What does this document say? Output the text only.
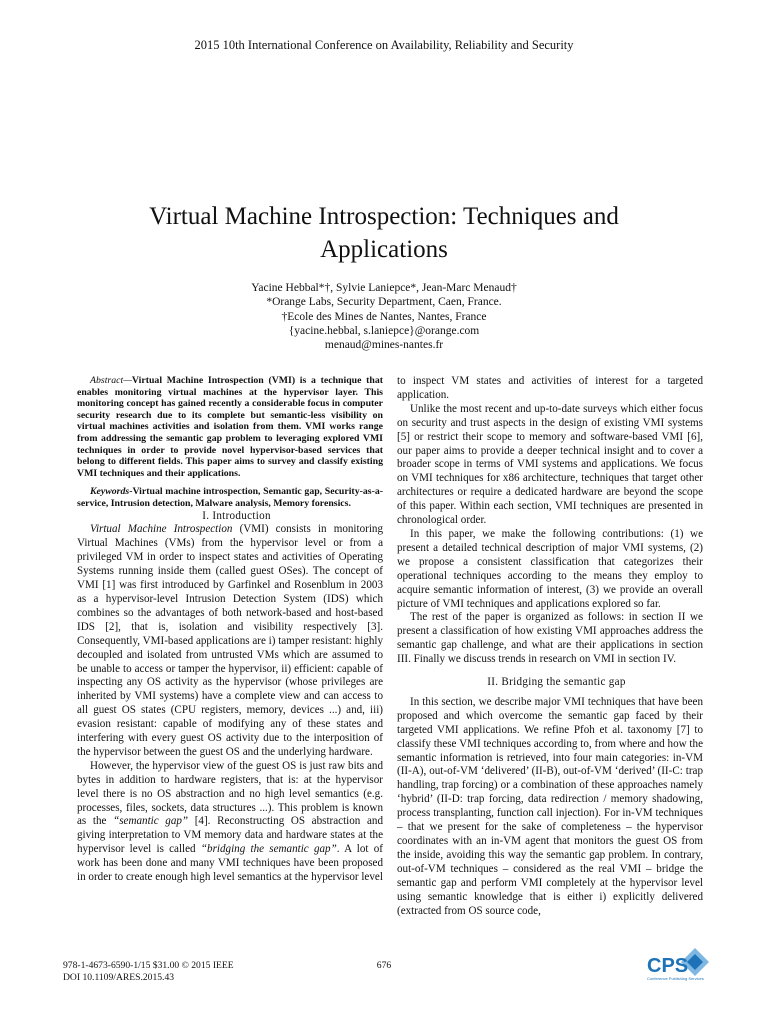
2015 10th International Conference on Availability, Reliability and Security
Virtual Machine Introspection: Techniques and
Applications
Yacine Hebbal*†, Sylvie Laniepce*, Jean-Marc Menaud†
*Orange Labs, Security Department, Caen, France.
†Ecole des Mines de Nantes, Nantes, France
{yacine.hebbal, s.laniepce}@orange.com
menaud@mines-nantes.fr

Abstract—Virtual Machine Introspection (VMI) is a technique that enables monitoring virtual machines at the hypervisor layer. This monitoring concept has gained recently a considerable focus in computer security research due to its complete but semantic-less visibility on virtual machines activities and isolation from them. VMI works range from addressing the semantic gap problem to leveraging explored VMI techniques in order to provide novel hypervisor-based services that belong to different fields. This paper aims to survey and classify existing VMI techniques and their applications.

Keywords-Virtual machine introspection, Semantic gap, Security-as-a-service, Intrusion detection, Malware analysis, Memory forensics.

I. Introduction

Virtual Machine Introspection (VMI) consists in monitoring Virtual Machines (VMs) from the hypervisor level or from a privileged VM in order to inspect states and activities of Operating Systems running inside them (called guest OSes). The concept of VMI [1] was first introduced by Garfinkel and Rosenblum in 2003 as a hypervisor-level Intrusion Detection System (IDS) which combines so the advantages of both network-based and host-based IDS [2], that is, isolation and visibility respectively [3]. Consequently, VMI-based applications are i) tamper resistant: highly decoupled and isolated from untrusted VMs which are assumed to be unable to access or tamper the hypervisor, ii) efficient: capable of inspecting any OS activity as the hypervisor (whose privileges are inherited by VMI systems) have a complete view and can access to all guest OS states (CPU registers, memory, devices ...) and, iii) evasion resistant: capable of modifying any of these states and interfering with every guest OS activity due to the interposition of the hypervisor between the guest OS and the underlying hardware.

However, the hypervisor view of the guest OS is just raw bits and bytes in addition to hardware registers, that is: at the hypervisor level there is no OS abstraction and no high level semantics (e.g. processes, files, sockets, data structures ...). This problem is known as the “semantic gap” [4]. Reconstructing OS abstraction and giving interpretation to VM memory data and hardware states at the hypervisor level is called “bridging the semantic gap”. A lot of work has been done and many VMI techniques have been proposed in order to create enough high level semantics at the hypervisor level

to inspect VM states and activities of interest for a targeted application.

Unlike the most recent and up-to-date surveys which either focus on security and trust aspects in the design of existing VMI systems [5] or restrict their scope to memory and software-based VMI [6], our paper aims to provide a deeper technical insight and to cover a broader scope in terms of VMI systems and applications. We focus on VMI techniques for x86 architecture, techniques that target other architectures or require a dedicated hardware are beyond the scope of this paper. Within each section, VMI techniques are presented in chronological order.

In this paper, we make the following contributions: (1) we present a detailed technical description of major VMI systems, (2) we propose a consistent classification that categorizes their operational techniques according to the means they employ to acquire semantic information of interest, (3) we provide an overall picture of VMI techniques and applications explored so far.

The rest of the paper is organized as follows: in section II we present a classification of how existing VMI approaches address the semantic gap challenge, and what are their applications in section III. Finally we discuss trends in research on VMI in section IV.

II. Bridging the semantic gap

In this section, we describe major VMI techniques that have been proposed and which overcome the semantic gap faced by their targeted VMI applications. We refine Pfoh et al. taxonomy [7] to classify these VMI techniques according to, from where and how the semantic information is retrieved, into four main categories: in-VM (II-A), out-of-VM ‘delivered’ (II-B), out-of-VM ‘derived’ (II-C: trap handling, trap forcing) or a combination of these approaches namely ‘hybrid’ (II-D: trap forcing, data redirection / memory shadowing, process transplanting, function call injection). For in-VM techniques – that we present for the sake of completeness – the hypervisor coordinates with an in-VM agent that monitors the guest OS from the inside, avoiding this way the semantic gap problem. In contrary, out-of-VM techniques – considered as the real VMI – bridge the semantic gap and perform VMI completely at the hypervisor level using semantic knowledge that is either i) explicitly delivered (extracted from OS source code,

978-1-4673-6590-1/15 $31.00 © 2015 IEEE
DOI 10.1109/ARES.2015.43
676	CPS
Conference Publishing Services
